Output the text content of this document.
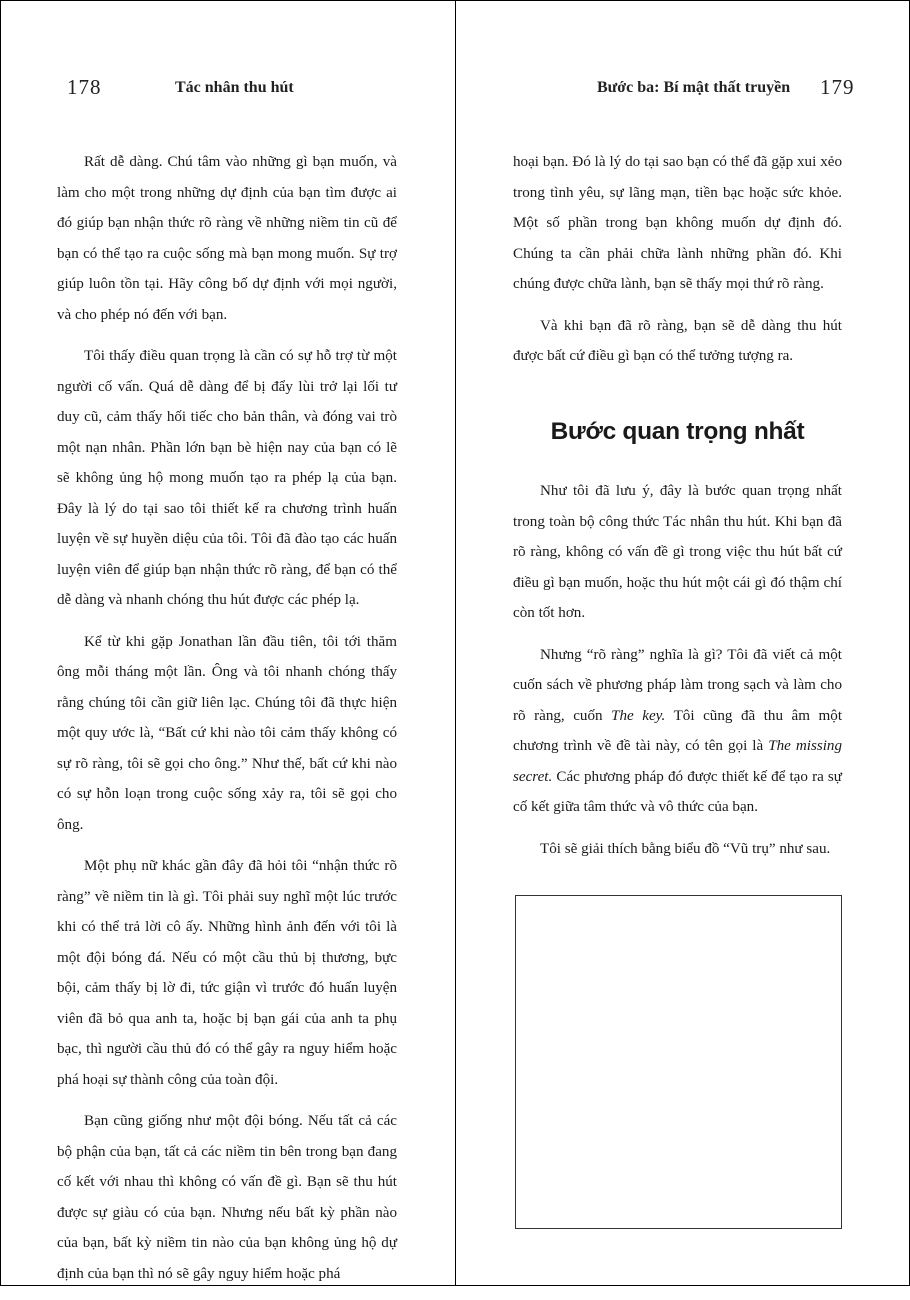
178	Tác nhân thu hút

Rất dễ dàng. Chú tâm vào những gì bạn muốn, và làm cho một trong những dự định của bạn tìm được ai đó giúp bạn nhận thức rõ ràng về những niềm tin cũ để bạn có thể tạo ra cuộc sống mà bạn mong muốn. Sự trợ giúp luôn tồn tại. Hãy công bố dự định với mọi người, và cho phép nó đến với bạn.

Tôi thấy điều quan trọng là cần có sự hỗ trợ từ một người cố vấn. Quá dễ dàng để bị đẩy lùi trở lại lối tư duy cũ, cảm thấy hối tiếc cho bản thân, và đóng vai trò một nạn nhân. Phần lớn bạn bè hiện nay của bạn có lẽ sẽ không ủng hộ mong muốn tạo ra phép lạ của bạn. Đây là lý do tại sao tôi thiết kế ra chương trình huấn luyện về sự huyền diệu của tôi. Tôi đã đào tạo các huấn luyện viên để giúp bạn nhận thức rõ ràng, để bạn có thể dễ dàng và nhanh chóng thu hút được các phép lạ.

Kể từ khi gặp Jonathan lần đầu tiên, tôi tới thăm ông mỗi tháng một lần. Ông và tôi nhanh chóng thấy rằng chúng tôi cần giữ liên lạc. Chúng tôi đã thực hiện một quy ước là, “Bất cứ khi nào tôi cảm thấy không có sự rõ ràng, tôi sẽ gọi cho ông.” Như thế, bất cứ khi nào có sự hỗn loạn trong cuộc sống xảy ra, tôi sẽ gọi cho ông.

Một phụ nữ khác gần đây đã hỏi tôi “nhận thức rõ ràng” về niềm tin là gì. Tôi phải suy nghĩ một lúc trước khi có thể trả lời cô ấy. Những hình ảnh đến với tôi là một đội bóng đá. Nếu có một cầu thủ bị thương, bực bội, cảm thấy bị lờ đi, tức giận vì trước đó huấn luyện viên đã bỏ qua anh ta, hoặc bị bạn gái của anh ta phụ bạc, thì người cầu thủ đó có thể gây ra nguy hiểm hoặc phá hoại sự thành công của toàn đội.

Bạn cũng giống như một đội bóng. Nếu tất cả các bộ phận của bạn, tất cả các niềm tin bên trong bạn đang cố kết với nhau thì không có vấn đề gì. Bạn sẽ thu hút được sự giàu có của bạn. Nhưng nếu bất kỳ phần nào của bạn, bất kỳ niềm tin nào của bạn không ủng hộ dự định của bạn thì nó sẽ gây nguy hiểm hoặc phá

Bước ba: Bí mật thất truyền 179

hoại bạn. Đó là lý do tại sao bạn có thể đã gặp xui xẻo trong tình yêu, sự lãng mạn, tiền bạc hoặc sức khỏe. Một số phần trong bạn không muốn dự định đó. Chúng ta cần phải chữa lành những phần đó. Khi chúng được chữa lành, bạn sẽ thấy mọi thứ rõ ràng.

Và khi bạn đã rõ ràng, bạn sẽ dễ dàng thu hút được bất cứ điều gì bạn có thể tưởng tượng ra.

Bước quan trọng nhất

Như tôi đã lưu ý, đây là bước quan trọng nhất trong toàn bộ công thức Tác nhân thu hút. Khi bạn đã rõ ràng, không có vấn đề gì trong việc thu hút bất cứ điều gì bạn muốn, hoặc thu hút một cái gì đó thậm chí còn tốt hơn.

Nhưng “rõ ràng” nghĩa là gì? Tôi đã viết cả một cuốn sách về phương pháp làm trong sạch và làm cho rõ ràng, cuốn The key. Tôi cũng đã thu âm một chương trình về đề tài này, có tên gọi là The missing secret. Các phương pháp đó được thiết kế để tạo ra sự cố kết giữa tâm thức và vô thức của bạn.

Tôi sẽ giải thích bằng biểu đồ “Vũ trụ” như sau.
